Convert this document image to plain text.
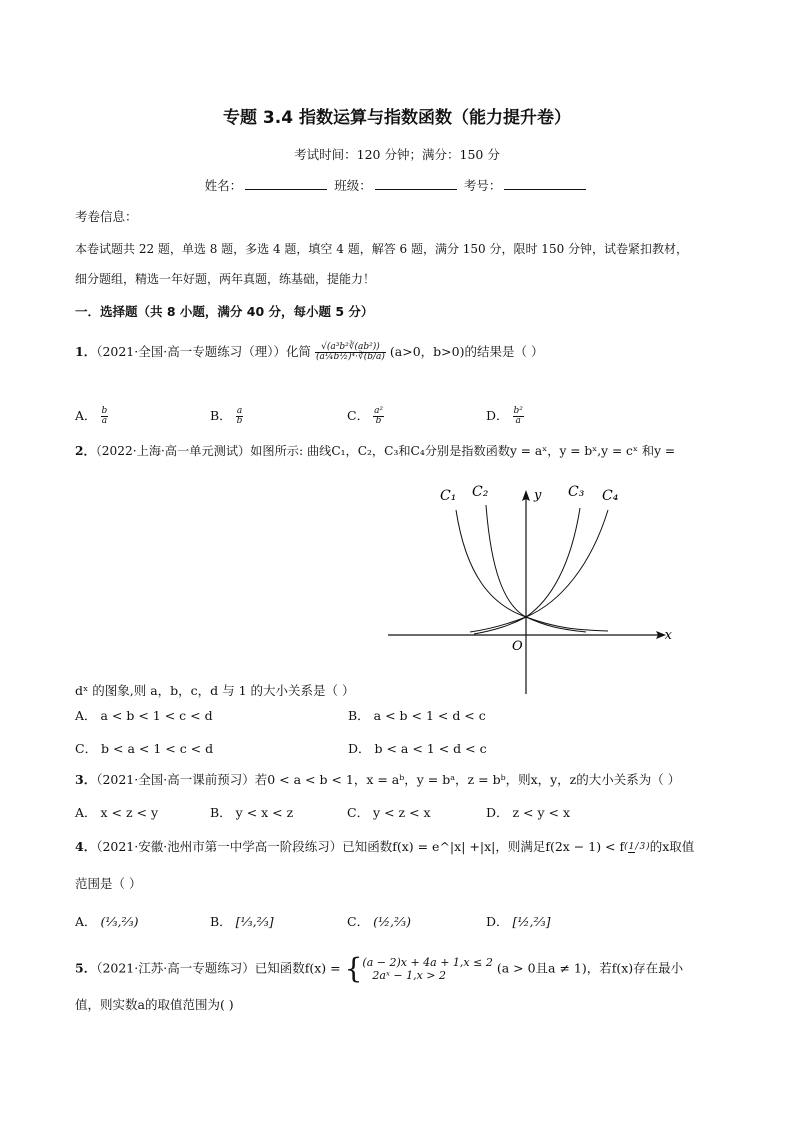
专题 3.4 指数运算与指数函数（能力提升卷）
考试时间：120 分钟；满分：150 分
姓名：	班级：	考号：
考卷信息：
本卷试题共 22 题，单选 8 题，多选 4 题，填空 4 题，解答 6 题，满分 150 分，限时 150 分钟，试卷紧扣教材，
细分题组，精选一年好题，两年真题，练基础，提能力！
一．选择题（共 8 小题，满分 40 分，每小题 5 分）
1．（2021·全国·高一专题练习（理））化简 $\frac{\text{√(a³b²∛(ab²))}}{\text{(a¼b½)⁴·∛(b/a)}} (a>0$，b>0)的结果是（ ）
A． $\frac{b}{a}$	B． $\frac{a}{b}$	C． $\frac{\text{a²}}{b}$	D． $\frac{\text{b²}}{a}$
2．（2022·上海·高一单元测试）如图所示: 曲线C₁，C₂，C₃和C₄分别是指数函数y = aˣ，y = bˣ,y = cˣ 和y =
C₁ C₂	C₃ C₄
y
x
O
dˣ 的图象,则 a，b，c，d 与 1 的大小关系是（ ）
A． a < b < 1 < c < d	B． a < b < 1 < d < c
C． b < a < 1 < c < d	D． b < a < 1 < d < c
3．（2021·全国·高一课前预习）若0 < a < b < 1，x = aᵇ，y = bᵃ，z = bᵇ，则x，y，z的大小关系为（ ）
A． x < z < y	B． y < x < z	C． y < z < x	D． z < y < x
4．（2021·安徽·池州市第一中学高一阶段练习）已知函数f(x) = e^|x| +|x|，则满足f(2x − 1) < f(1/3)的x取值
范围是（ ）
A． (⅓,⅔)	B． [⅓,⅔]	C． (½,⅔)	D． [½,⅔]
5．（2021·江苏·高一专题练习）已知函数f(x) = { (a − 2)x + 4a + 1,x ≤ 2
2aˣ − 1,x > 2	(a > 0且a ≠ 1)，若f(x)存在最小
值，则实数a的取值范围为( )
